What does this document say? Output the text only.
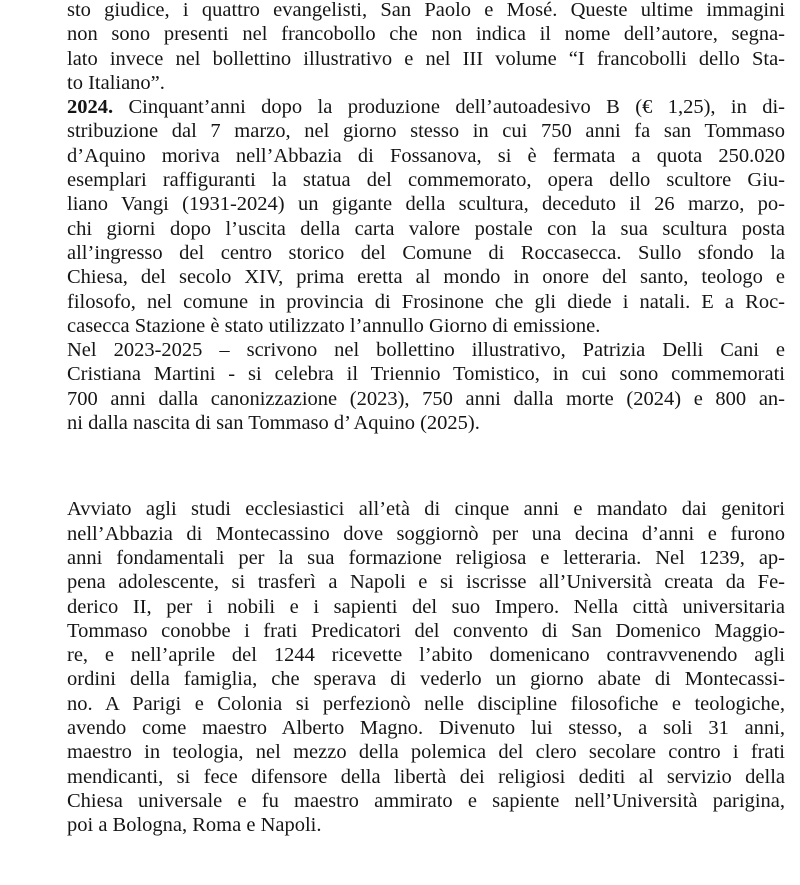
sto giudice, i quattro evangelisti, San Paolo e Mosé. Queste ultime immagini
non sono presenti nel francobollo che non indica il nome dell’autore, segna-
lato invece nel bollettino illustrativo e nel III volume “I francobolli dello Sta-
to Italiano”.
2024. Cinquant’anni dopo la produzione dell’autoadesivo B (€ 1,25), in di-
stribuzione dal 7 marzo, nel giorno stesso in cui 750 anni fa san Tommaso
d’Aquino moriva nell’Abbazia di Fossanova, si è fermata a quota 250.020
esemplari raffiguranti la statua del commemorato, opera dello scultore Giu-
liano Vangi (1931-2024) un gigante della scultura, deceduto il 26 marzo, po-
chi giorni dopo l’uscita della carta valore postale con la sua scultura posta
all’ingresso del centro storico del Comune di Roccasecca. Sullo sfondo la
Chiesa, del secolo XIV, prima eretta al mondo in onore del santo, teologo e
filosofo, nel comune in provincia di Frosinone che gli diede i natali. E a Roc-
casecca Stazione è stato utilizzato l’annullo Giorno di emissione.
Nel 2023-2025 – scrivono nel bollettino illustrativo, Patrizia Delli Cani e
Cristiana Martini - si celebra il Triennio Tomistico, in cui sono commemorati
700 anni dalla canonizzazione (2023), 750 anni dalla morte (2024) e 800 an-
ni dalla nascita di san Tommaso d’ Aquino (2025).
Avviato agli studi ecclesiastici all’età di cinque anni e mandato dai genitori
nell’Abbazia di Montecassino dove soggiornò per una decina d’anni e furono
anni fondamentali per la sua formazione religiosa e letteraria. Nel 1239, ap-
pena adolescente, si trasferì a Napoli e si iscrisse all’Università creata da Fe-
derico II, per i nobili e i sapienti del suo Impero. Nella città universitaria
Tommaso conobbe i frati Predicatori del convento di San Domenico Maggio-
re, e nell’aprile del 1244 ricevette l’abito domenicano contravvenendo agli
ordini della famiglia, che sperava di vederlo un giorno abate di Montecassi-
no. A Parigi e Colonia si perfezionò nelle discipline filosofiche e teologiche,
avendo come maestro Alberto Magno. Divenuto lui stesso, a soli 31 anni,
maestro in teologia, nel mezzo della polemica del clero secolare contro i frati
mendicanti, si fece difensore della libertà dei religiosi dediti al servizio della
Chiesa universale e fu maestro ammirato e sapiente nell’Università parigina,
poi a Bologna, Roma e Napoli.
